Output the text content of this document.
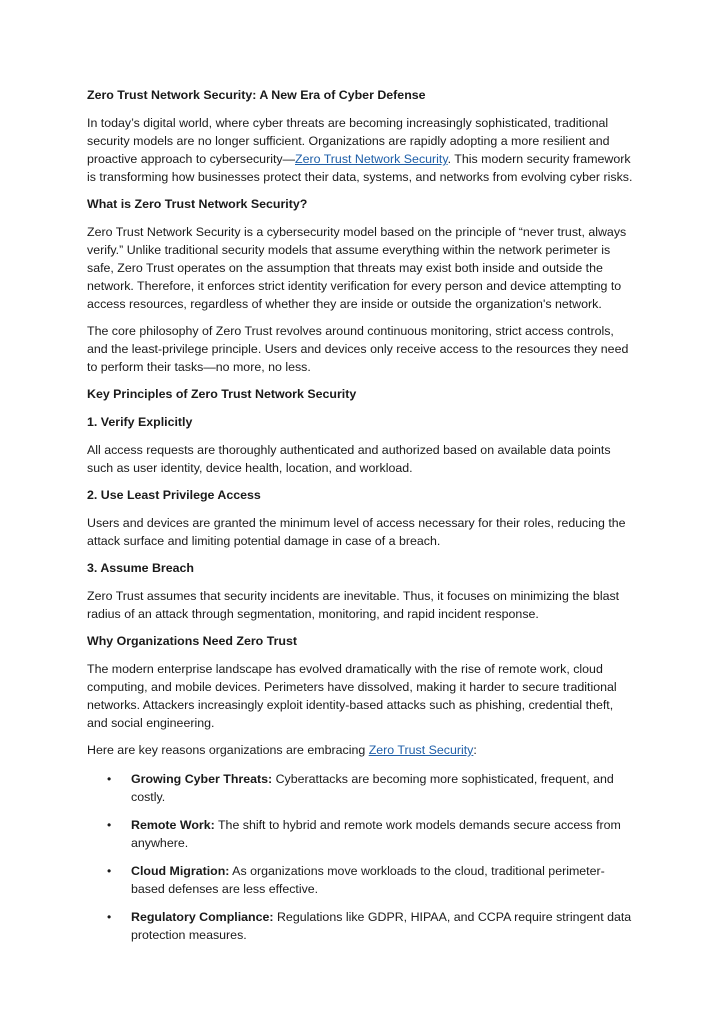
Zero Trust Network Security: A New Era of Cyber Defense

In today’s digital world, where cyber threats are becoming increasingly sophisticated, traditional security models are no longer sufficient. Organizations are rapidly adopting a more resilient and proactive approach to cybersecurity—Zero Trust Network Security. This modern security framework is transforming how businesses protect their data, systems, and networks from evolving cyber risks.

What is Zero Trust Network Security?

Zero Trust Network Security is a cybersecurity model based on the principle of “never trust, always verify.” Unlike traditional security models that assume everything within the network perimeter is safe, Zero Trust operates on the assumption that threats may exist both inside and outside the network. Therefore, it enforces strict identity verification for every person and device attempting to access resources, regardless of whether they are inside or outside the organization's network.

The core philosophy of Zero Trust revolves around continuous monitoring, strict access controls, and the least-privilege principle. Users and devices only receive access to the resources they need to perform their tasks—no more, no less.

Key Principles of Zero Trust Network Security
1. Verify Explicitly

All access requests are thoroughly authenticated and authorized based on available data points such as user identity, device health, location, and workload.

2. Use Least Privilege Access

Users and devices are granted the minimum level of access necessary for their roles, reducing the attack surface and limiting potential damage in case of a breach.

3. Assume Breach

Zero Trust assumes that security incidents are inevitable. Thus, it focuses on minimizing the blast radius of an attack through segmentation, monitoring, and rapid incident response.

Why Organizations Need Zero Trust

The modern enterprise landscape has evolved dramatically with the rise of remote work, cloud computing, and mobile devices. Perimeters have dissolved, making it harder to secure traditional networks. Attackers increasingly exploit identity-based attacks such as phishing, credential theft, and social engineering.

Here are key reasons organizations are embracing Zero Trust Security:

• Growing Cyber Threats: Cyberattacks are becoming more sophisticated, frequent, and costly.
• Remote Work: The shift to hybrid and remote work models demands secure access from anywhere.
• Cloud Migration: As organizations move workloads to the cloud, traditional perimeter-based defenses are less effective.
• Regulatory Compliance: Regulations like GDPR, HIPAA, and CCPA require stringent data protection measures.
